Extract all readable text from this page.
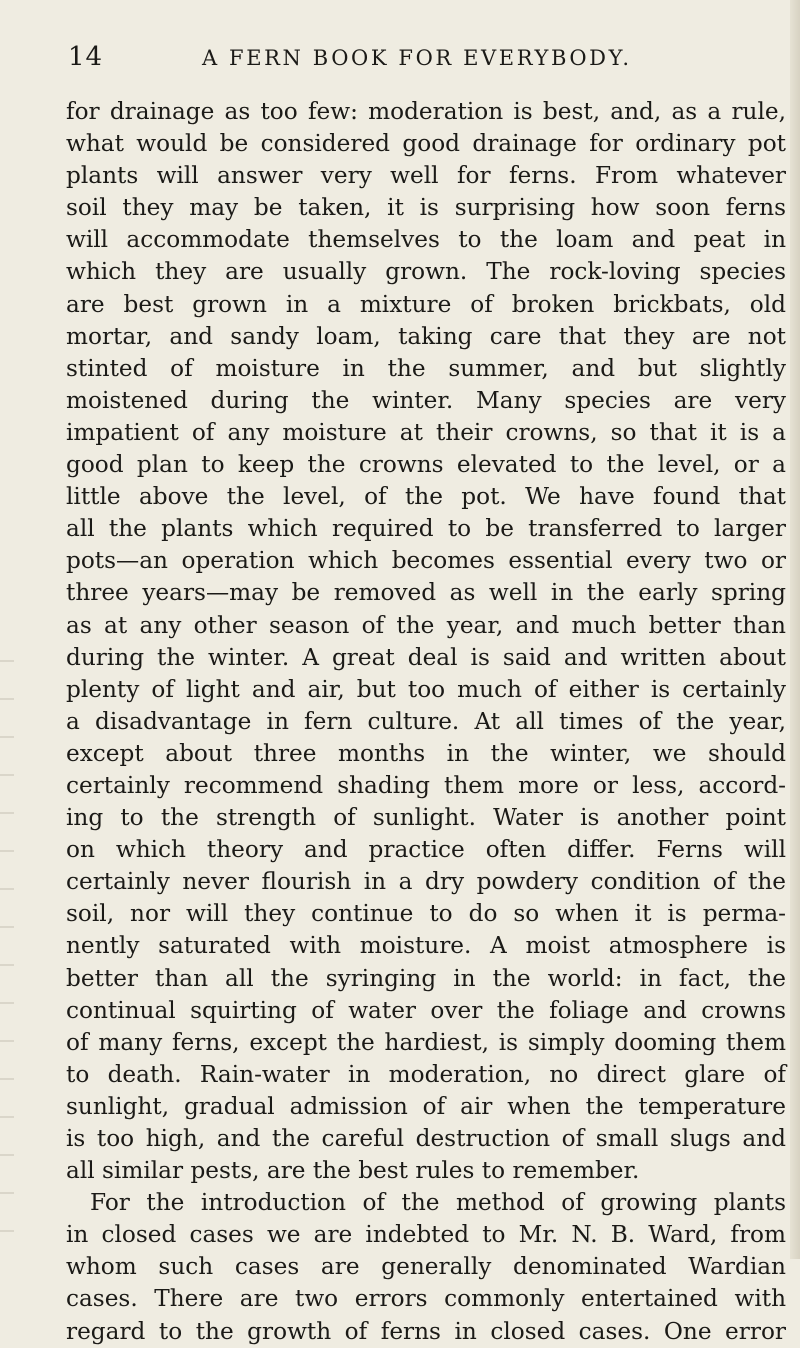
14	A FERN BOOK FOR EVERYBODY.
for drainage as too few: moderation is best, and, as a rule,
what would be considered good drainage for ordinary pot
plants will answer very well for ferns. From whatever
soil they may be taken, it is surprising how soon ferns
will accommodate themselves to the loam and peat in
which they are usually grown. The rock-loving species
are best grown in a mixture of broken brickbats, old
mortar, and sandy loam, taking care that they are not
stinted of moisture in the summer, and but slightly
moistened during the winter. Many species are very
impatient of any moisture at their crowns, so that it is a
good plan to keep the crowns elevated to the level, or a
little above the level, of the pot. We have found that
all the plants which required to be transferred to larger
pots—an operation which becomes essential every two or
three years—may be removed as well in the early spring
as at any other season of the year, and much better than
during the winter. A great deal is said and written about
plenty of light and air, but too much of either is certainly
a disadvantage in fern culture. At all times of the year,
except about three months in the winter, we should
certainly recommend shading them more or less, accord-
ing to the strength of sunlight. Water is another point
on which theory and practice often differ. Ferns will
certainly never flourish in a dry powdery condition of the
soil, nor will they continue to do so when it is perma-
nently saturated with moisture. A moist atmosphere is
better than all the syringing in the world: in fact, the
continual squirting of water over the foliage and crowns
of many ferns, except the hardiest, is simply dooming them
to death. Rain-water in moderation, no direct glare of
sunlight, gradual admission of air when the temperature
is too high, and the careful destruction of small slugs and
all similar pests, are the best rules to remember.
For the introduction of the method of growing plants
in closed cases we are indebted to Mr. N. B. Ward, from
whom such cases are generally denominated Wardian
cases. There are two errors commonly entertained with
regard to the growth of ferns in closed cases. One error
